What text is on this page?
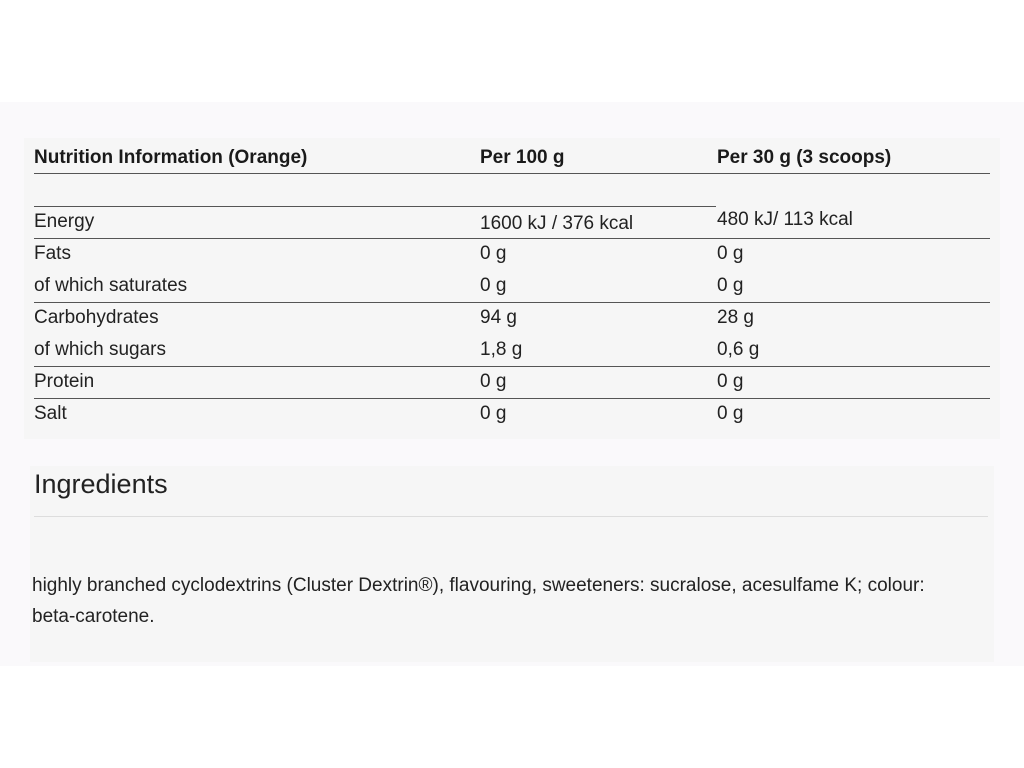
Nutrition Information (Orange)	Per 100 g	Per 30 g (3 scoops)
Energy	1600 kJ / 376 kcal	480 kJ/ 113 kcal
Fats	0 g	0 g
of which saturates	0 g	0 g
Carbohydrates	94 g	28 g
of which sugars	1,8 g	0,6 g
Protein	0 g	0 g
Salt	0 g	0 g
Ingredients
highly branched cyclodextrins (Cluster Dextrin®), flavouring, sweeteners: sucralose, acesulfame K; colour: beta-carotene.
